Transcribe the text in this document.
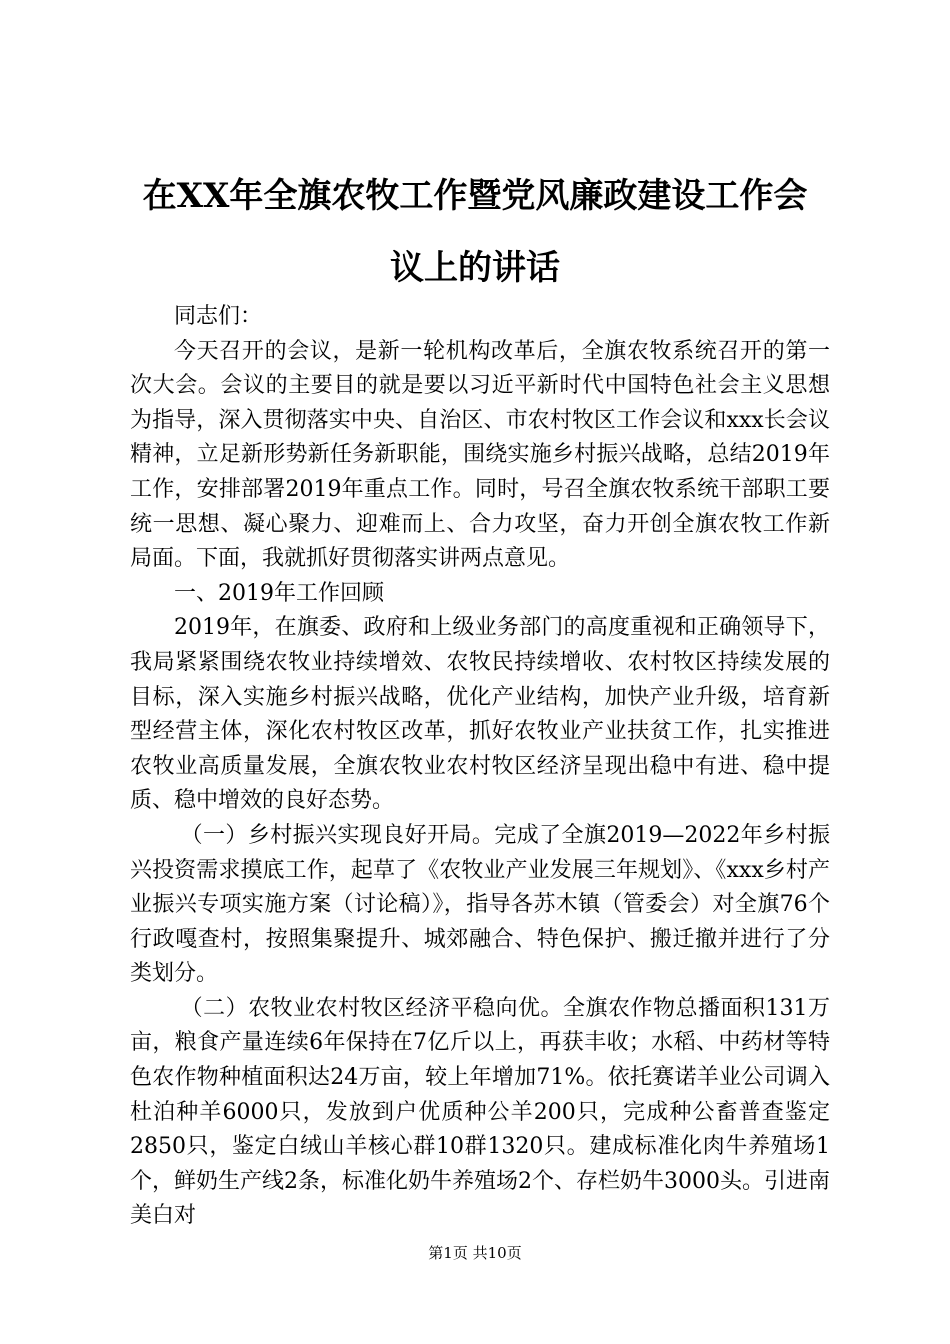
在XX年全旗农牧工作暨党风廉政建设工作会
议上的讲话

同志们：

今天召开的会议，是新一轮机构改革后，全旗农牧系统召开的第一次大会。会议的主要目的就是要以习近平新时代中国特色社会主义思想为指导，深入贯彻落实中央、自治区、市农村牧区工作会议和xxx长会议精神，立足新形势新任务新职能，围绕实施乡村振兴战略，总结2019年工作，安排部署2019年重点工作。同时，号召全旗农牧系统干部职工要统一思想、凝心聚力、迎难而上、合力攻坚，奋力开创全旗农牧工作新局面。下面，我就抓好贯彻落实讲两点意见。

一、2019年工作回顾

2019年，在旗委、政府和上级业务部门的高度重视和正确领导下，我局紧紧围绕农牧业持续增效、农牧民持续增收、农村牧区持续发展的目标，深入实施乡村振兴战略，优化产业结构，加快产业升级，培育新型经营主体，深化农村牧区改革，抓好农牧业产业扶贫工作，扎实推进农牧业高质量发展，全旗农牧业农村牧区经济呈现出稳中有进、稳中提质、稳中增效的良好态势。

（一）乡村振兴实现良好开局。完成了全旗2019—2022年乡村振兴投资需求摸底工作，起草了《农牧业产业发展三年规划》、《xxx乡村产业振兴专项实施方案（讨论稿）》，指导各苏木镇（管委会）对全旗76个行政嘎查村，按照集聚提升、城郊融合、特色保护、搬迁撤并进行了分类划分。

（二）农牧业农村牧区经济平稳向优。全旗农作物总播面积131万亩，粮食产量连续6年保持在7亿斤以上，再获丰收；水稻、中药材等特色农作物种植面积达24万亩，较上年增加71%。依托赛诺羊业公司调入杜泊种羊6000只，发放到户优质种公羊200只，完成种公畜普查鉴定2850只，鉴定白绒山羊核心群10群1320只。建成标准化肉牛养殖场1个，鲜奶生产线2条，标准化奶牛养殖场2个、存栏奶牛3000头。引进南美白对

第1页 共10页
